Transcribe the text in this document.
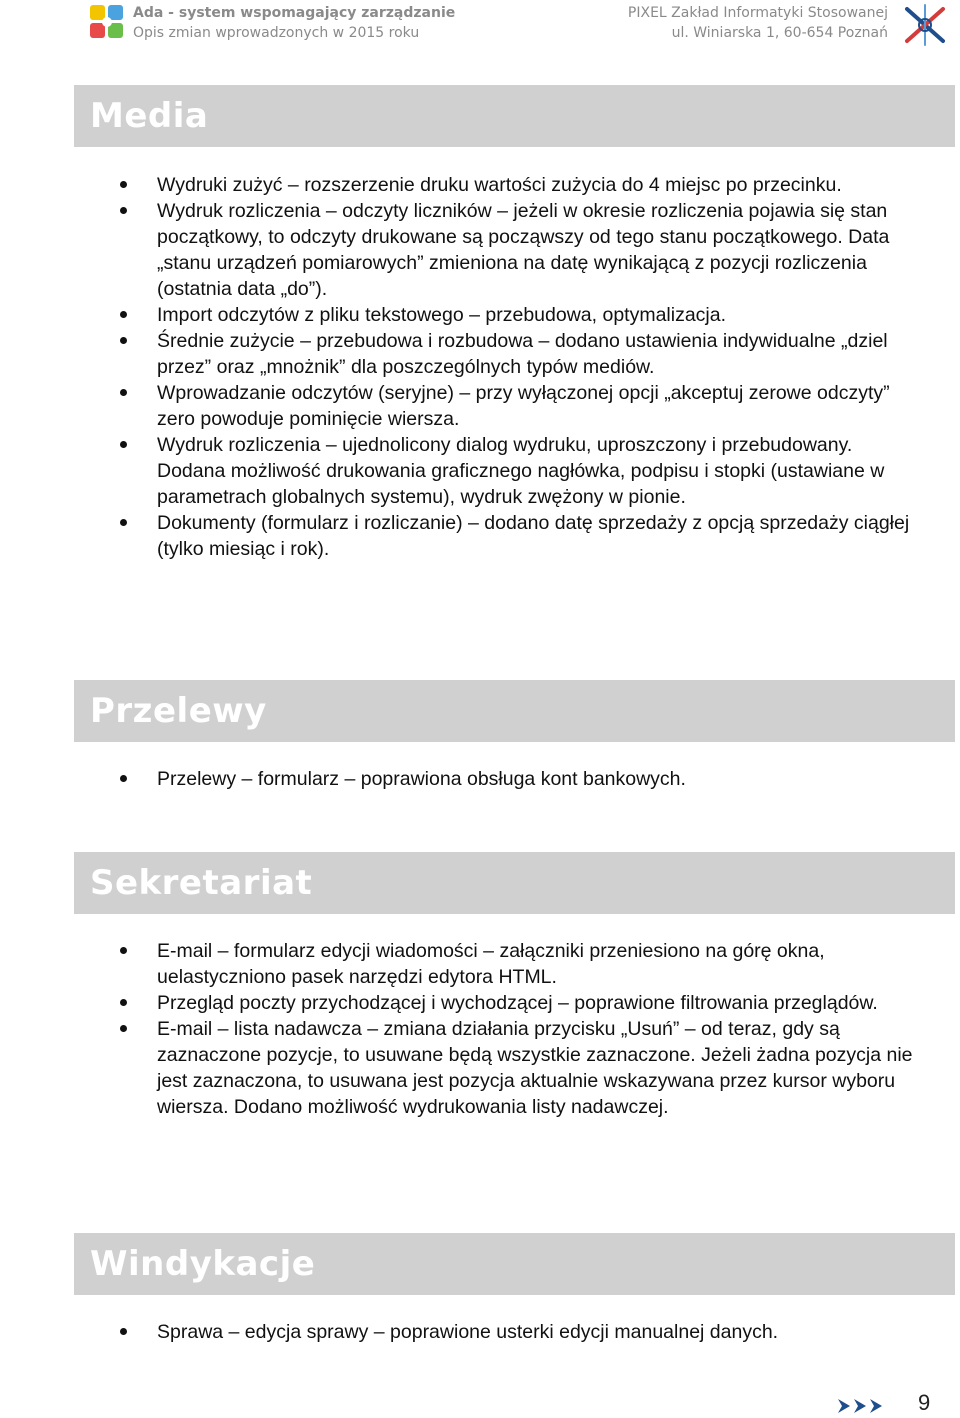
Ada - system wspomagający zarządzanie
Opis zmian wprowadzonych w 2015 roku
PIXEL Zakład Informatyki Stosowanej
ul. Winiarska 1, 60-654 Poznań
Media
Wydruki zużyć – rozszerzenie druku wartości zużycia do 4 miejsc po przecinku.
Wydruk rozliczenia – odczyty liczników – jeżeli w okresie rozliczenia pojawia się stan początkowy, to odczyty drukowane są począwszy od tego stanu początkowego. Data „stanu urządzeń pomiarowych” zmieniona na datę wynikającą z pozycji rozliczenia (ostatnia data „do”).
Import odczytów z pliku tekstowego – przebudowa, optymalizacja.
Średnie zużycie – przebudowa i rozbudowa – dodano ustawienia indywidualne „dziel przez” oraz „mnożnik” dla poszczególnych typów mediów.
Wprowadzanie odczytów (seryjne) – przy wyłączonej opcji „akceptuj zerowe odczyty” zero powoduje pominięcie wiersza.
Wydruk rozliczenia – ujednolicony dialog wydruku, uproszczony i przebudowany. Dodana możliwość drukowania graficznego nagłówka, podpisu i stopki (ustawiane w parametrach globalnych systemu), wydruk zwężony w pionie.
Dokumenty (formularz i rozliczanie) – dodano datę sprzedaży z opcją sprzedaży ciągłej (tylko miesiąc i rok).
Przelewy
Przelewy – formularz – poprawiona obsługa kont bankowych.
Sekretariat
E-mail – formularz edycji wiadomości – załączniki przeniesiono na górę okna, uelastyczniono pasek narzędzi edytora HTML.
Przegląd poczty przychodzącej i wychodzącej – poprawione filtrowania przeglądów.
E-mail – lista nadawcza – zmiana działania przycisku „Usuń” – od teraz, gdy są zaznaczone pozycje, to usuwane będą wszystkie zaznaczone. Jeżeli żadna pozycja nie jest zaznaczona, to usuwana jest pozycja aktualnie wskazywana przez kursor wyboru wiersza. Dodano możliwość wydrukowania listy nadawczej.
Windykacje
Sprawa – edycja sprawy – poprawione usterki edycji manualnej danych.
9
